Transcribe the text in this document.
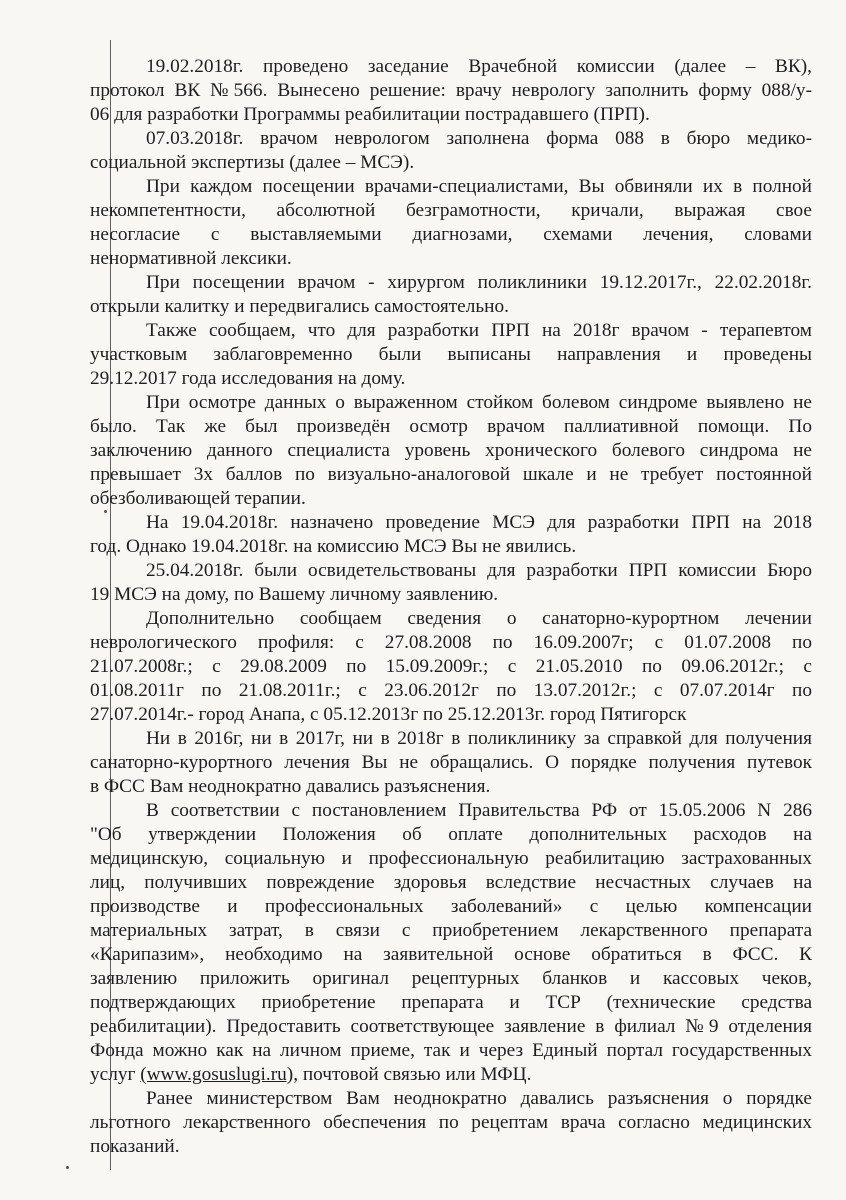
19.02.2018г. проведено заседание Врачебной комиссии (далее – ВК),
протокол ВК №566. Вынесено решение: врачу неврологу заполнить форму 088/у-
06 для разработки Программы реабилитации пострадавшего (ПРП).
07.03.2018г. врачом неврологом заполнена форма 088 в бюро медико-
социальной экспертизы (далее – МСЭ).
При каждом посещении врачами-специалистами, Вы обвиняли их в полной
некомпетентности, абсолютной безграмотности, кричали, выражая свое
несогласие с выставляемыми диагнозами, схемами лечения, словами
ненормативной лексики.
При посещении врачом - хирургом поликлиники 19.12.2017г., 22.02.2018г.
открыли калитку и передвигались самостоятельно.
Также сообщаем, что для разработки ПРП на 2018г врачом - терапевтом
участковым заблаговременно были выписаны направления и проведены
29.12.2017 года исследования на дому.
При осмотре данных о выраженном стойком болевом синдроме выявлено не
было. Так же был произведён осмотр врачом паллиативной помощи. По
заключению данного специалиста уровень хронического болевого синдрома не
превышает 3х баллов по визуально-аналоговой шкале и не требует постоянной
обезболивающей терапии.
На 19.04.2018г. назначено проведение МСЭ для разработки ПРП на 2018
год. Однако 19.04.2018г. на комиссию МСЭ Вы не явились.
25.04.2018г. были освидетельствованы для разработки ПРП комиссии Бюро
19 МСЭ на дому, по Вашему личному заявлению.
Дополнительно сообщаем сведения о санаторно-курортном лечении
неврологического профиля: с 27.08.2008 по 16.09.2007г; с 01.07.2008 по
21.07.2008г.; с 29.08.2009 по 15.09.2009г.; с 21.05.2010 по 09.06.2012г.; с
01.08.2011г по 21.08.2011г.; с 23.06.2012г по 13.07.2012г.; с 07.07.2014г по
27.07.2014г.- город Анапа, с 05.12.2013г по 25.12.2013г. город Пятигорск
Ни в 2016г, ни в 2017г, ни в 2018г в поликлинику за справкой для получения
санаторно-курортного лечения Вы не обращались. О порядке получения путевок
в ФСС Вам неоднократно давались разъяснения.
В соответствии с постановлением Правительства РФ от 15.05.2006 N 286
"Об утверждении Положения об оплате дополнительных расходов на
медицинскую, социальную и профессиональную реабилитацию застрахованных
лиц, получивших повреждение здоровья вследствие несчастных случаев на
производстве и профессиональных заболеваний» с целью компенсации
материальных затрат, в связи с приобретением лекарственного препарата
«Карипазим», необходимо на заявительной основе обратиться в ФСС. К
заявлению приложить оригинал рецептурных бланков и кассовых чеков,
подтверждающих приобретение препарата и ТСР (технические средства
реабилитации). Предоставить соответствующее заявление в филиал №9 отделения
Фонда можно как на личном приеме, так и через Единый портал государственных
услуг (www.gosuslugi.ru), почтовой связью или МФЦ.
Ранее министерством Вам неоднократно давались разъяснения о порядке
льготного лекарственного обеспечения по рецептам врача согласно медицинских
показаний.
